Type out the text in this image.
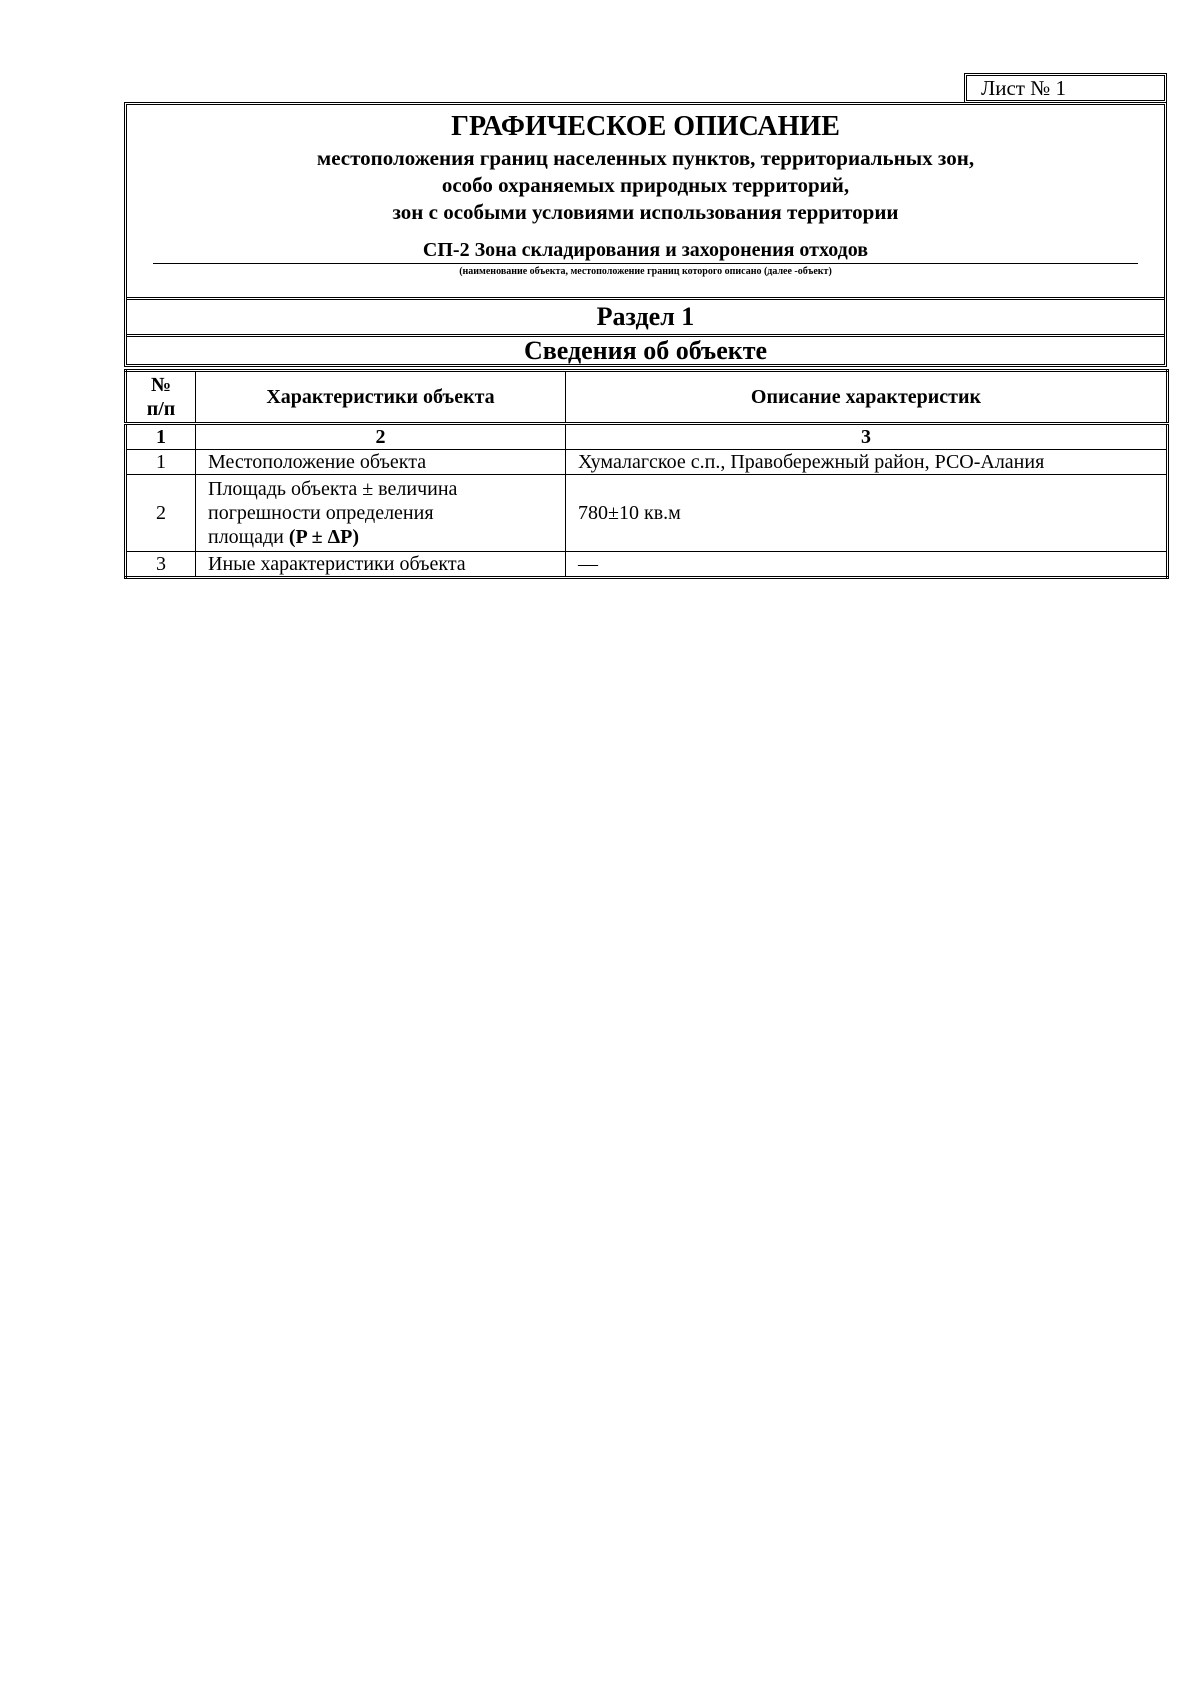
Лист № 1
ГРАФИЧЕСКОЕ ОПИСАНИЕ
местоположения границ населенных пунктов, территориальных зон,
особо охраняемых природных территорий,
зон с особыми условиями использования территории
СП-2 Зона складирования и захоронения отходов
(наименование объекта, местоположение границ которого описано (далее -объект)
Раздел 1
Сведения об объекте
№
п/п	Характеристики объекта	Описание характеристик
1	2	3
1	Местоположение объекта	Хумалагское с.п., Правобережный район, РСО-Алания
2	Площадь объекта ± величина
погрешности определения
площади (P ± ΔP)	780±10 кв.м
3	Иные характеристики объекта	—
